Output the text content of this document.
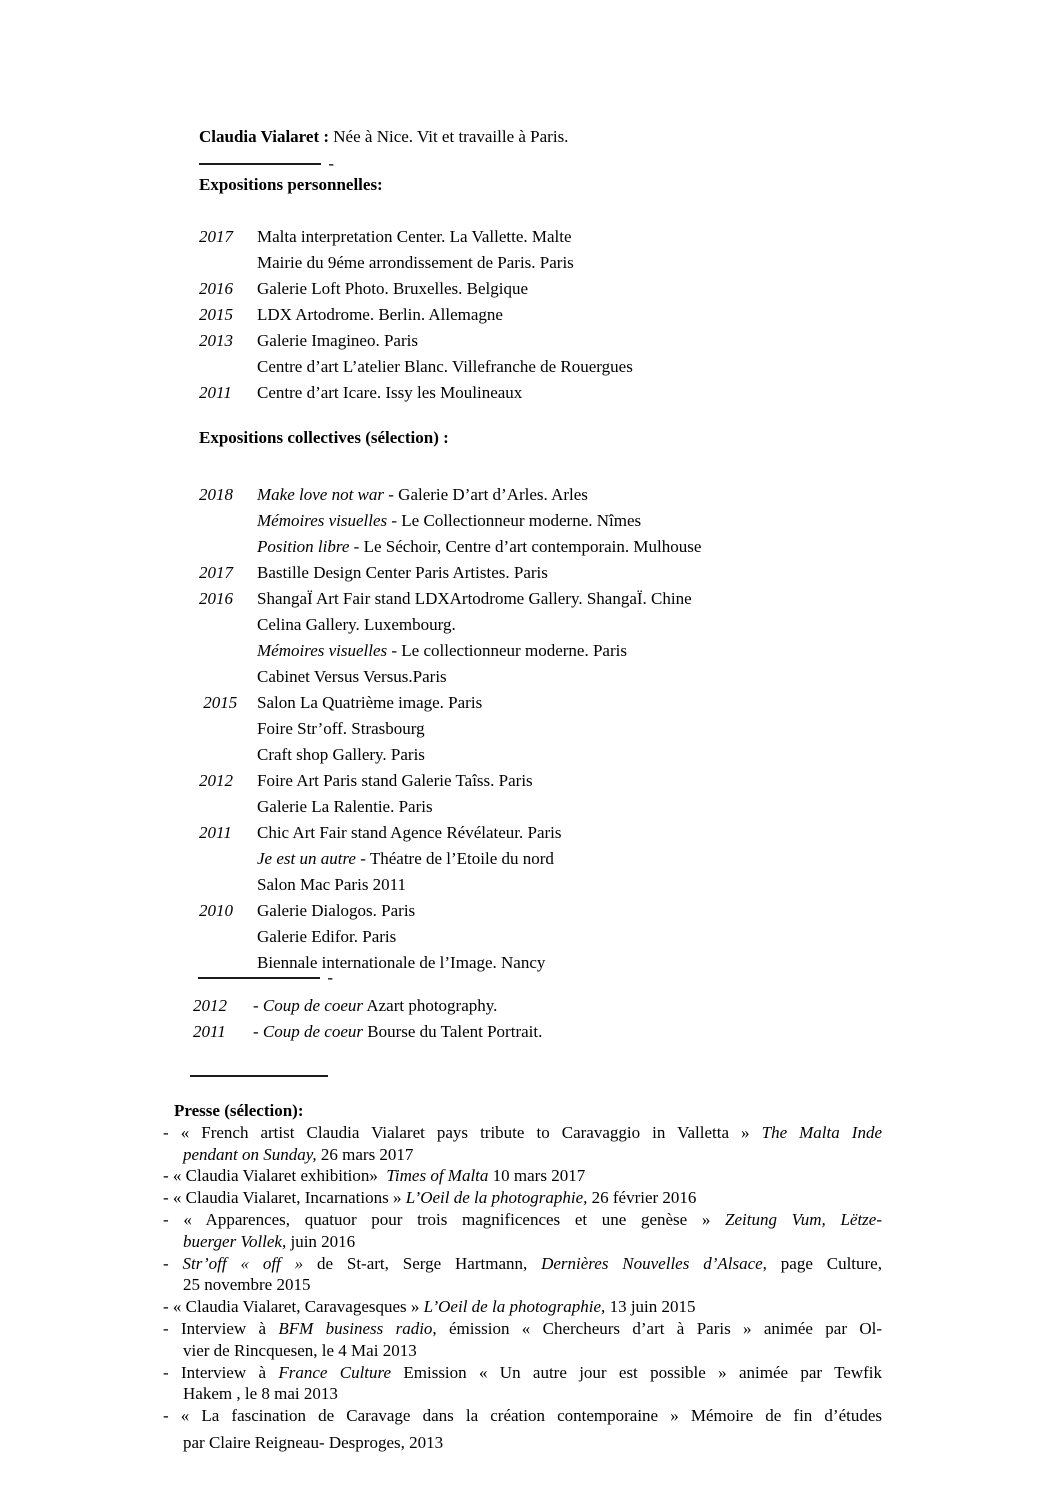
Claudia Vialaret : Née à Nice. Vit et travaille à Paris.
-
Expositions personnelles:
2017	Malta interpretation Center. La Vallette. Malte
Mairie du 9éme arrondissement de Paris. Paris
2016	Galerie Loft Photo. Bruxelles. Belgique
2015	LDX Artodrome. Berlin. Allemagne
2013	Galerie Imagineo. Paris
Centre d’art L’atelier Blanc. Villefranche de Rouergues
2011	Centre d’art Icare. Issy les Moulineaux
Expositions collectives (sélection) :
2018	Make love not war - Galerie D’art d’Arles. Arles
Mémoires visuelles - Le Collectionneur moderne. Nîmes
Position libre - Le Séchoir, Centre d’art contemporain. Mulhouse
2017	Bastille Design Center Paris Artistes. Paris
2016	ShangaÏ Art Fair stand LDXArtodrome Gallery. ShangaÏ. Chine
Celina Gallery. Luxembourg.
Mémoires visuelles - Le collectionneur moderne. Paris
Cabinet Versus Versus.Paris
2015	Salon La Quatrième image. Paris
Foire Str’off. Strasbourg
Craft shop Gallery. Paris
2012	Foire Art Paris stand Galerie Taîss. Paris
Galerie La Ralentie. Paris
2011	Chic Art Fair stand Agence Révélateur. Paris
Je est un autre - Théatre de l’Etoile du nord
Salon Mac Paris 2011
2010	Galerie Dialogos. Paris
Galerie Edifor. Paris
Biennale internationale de l’Image. Nancy
-
2012	- Coup de coeur Azart photography.
2011	- Coup de coeur Bourse du Talent Portrait.
Presse (sélection):
- « French artist Claudia Vialaret pays tribute to Caravaggio in Valletta » The Malta Inde
pendant on Sunday, 26 mars 2017
- « Claudia Vialaret exhibition»  Times of Malta 10 mars 2017
- « Claudia Vialaret, Incarnations » L’Oeil de la photographie, 26 février 2016
- « Apparences, quatuor pour trois magnificences et une genèse » Zeitung Vum, Lëtze-
buerger Vollek, juin 2016
- Str’off « off » de St-art, Serge Hartmann, Dernières Nouvelles d’Alsace, page Culture,
25 novembre 2015
- « Claudia Vialaret, Caravagesques » L’Oeil de la photographie, 13 juin 2015
- Interview à BFM business radio, émission « Chercheurs d’art à Paris » animée par Ol-
vier de Rincquesen, le 4 Mai 2013
- Interview à France Culture Emission « Un autre jour est possible » animée par Tewfik
Hakem , le 8 mai 2013
- « La fascination de Caravage dans la création contemporaine » Mémoire de fin d’études
par Claire Reigneau- Desproges, 2013
